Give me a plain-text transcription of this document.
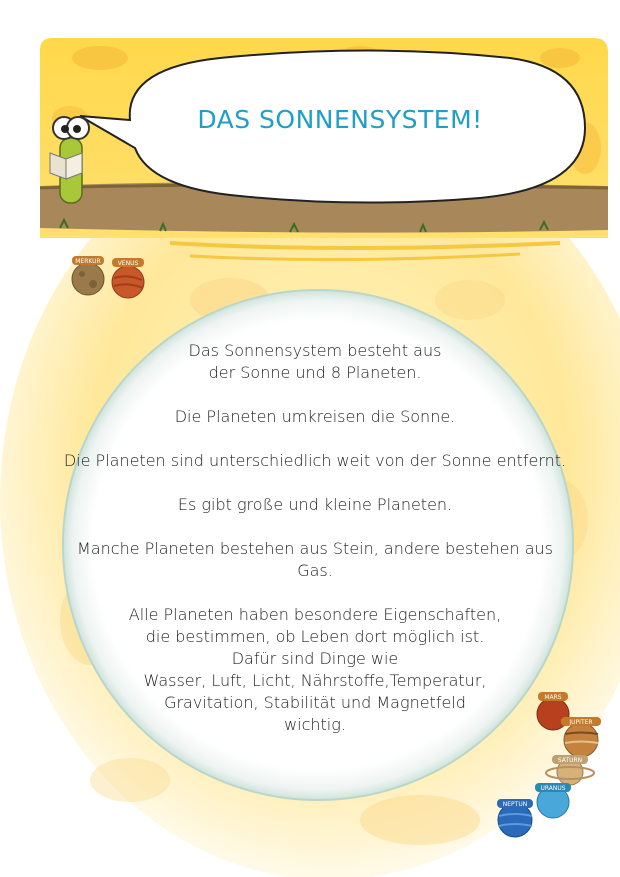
DAS SONNENSYSTEM!
MERKUR	VENUS
MARS
JUPITER
SATURN
URANUS
NEPTUN

Das Sonnensystem besteht aus
der Sonne und 8 Planeten.

Die Planeten umkreisen die Sonne.

Die Planeten sind unterschiedlich weit von der Sonne entfernt.

Es gibt große und kleine Planeten.

Manche Planeten bestehen aus Stein, andere bestehen aus Gas.

Alle Planeten haben besondere Eigenschaften,
die bestimmen, ob Leben dort möglich ist.
Dafür sind Dinge wie
Wasser, Luft, Licht, Nährstoffe,Temperatur,
Gravitation, Stabilität und Magnetfeld
wichtig.
